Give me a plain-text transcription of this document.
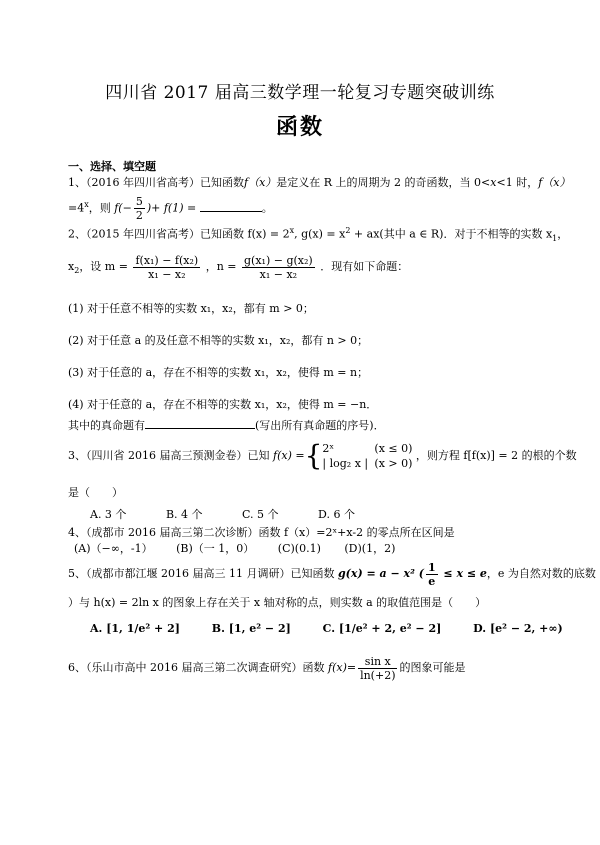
四川省 2017 届高三数学理一轮复习专题突破训练
函数
一、选择、填空题
1、（2016 年四川省高考）已知函数f（x）是定义在 R 上的周期为 2 的奇函数，当 0<x<1 时，f（x）
$=4^x$，则 $f(- \frac{5}{2}$ )+ f(1) =	。
2、（2015 年四川省高考）已知函数 $f(x) = 2^x$, $g(x) = x^2 + ax$(其中 a ∈ R)．对于不相等的实数 $x_1$，
$x_2$，设 $m = \frac{\text{f(x₁) − f(x₂)}}{\text{x₁ − x₂}}$ ，$n = \frac{\text{g(x₁) − g(x₂)}}{\text{x₁ − x₂}}$ ．现有如下命题：
(1) 对于任意不相等的实数 x₁，x₂，都有 m > 0；
(2) 对于任意 a 的及任意不相等的实数 x₁，x₂，都有 n > 0；
(3) 对于任意的 a，存在不相等的实数 x₁，x₂，使得 m = n；
(4) 对于任意的 a，存在不相等的实数 x₁，x₂，使得 m = −n．
其中的真命题有	(写出所有真命题的序号)．
3、（四川省 2016 届高三预测金卷）已知 f(x) ={ 2ˣ	(x ≤ 0)
| log₂ x | (x > 0)
，则方程 f[f(x)] = 2 的根的个数
是（　　）
A. 3 个	B. 4 个	C. 5 个	D. 6 个
4、（成都市 2016 届高三第二次诊断）函数 f（x）=2ˣ+x-2 的零点所在区间是
(A)（−∞，-1） (B)（一 1，0） (C)(0.1) (D)(1，2)
5、（成都市都江堰 2016 届高三 11 月调研）已知函数 g(x) = a − x² ( $\frac{1}{e} \le x \le e$，e 为自然对数的底数
）与 h(x) = 2ln x 的图象上存在关于 x 轴对称的点，则实数 a 的取值范围是（　　）
A. [1, 1/e² + 2]	B. [1, e² − 2]	C. [1/e² + 2, e² − 2]	D. [e² − 2, +∞)
6、（乐山市高中 2016 届高三第二次调查研究）函数 $f(x)= \frac{\text{sin x}}{\ln(+2)}$ 的图象可能是
